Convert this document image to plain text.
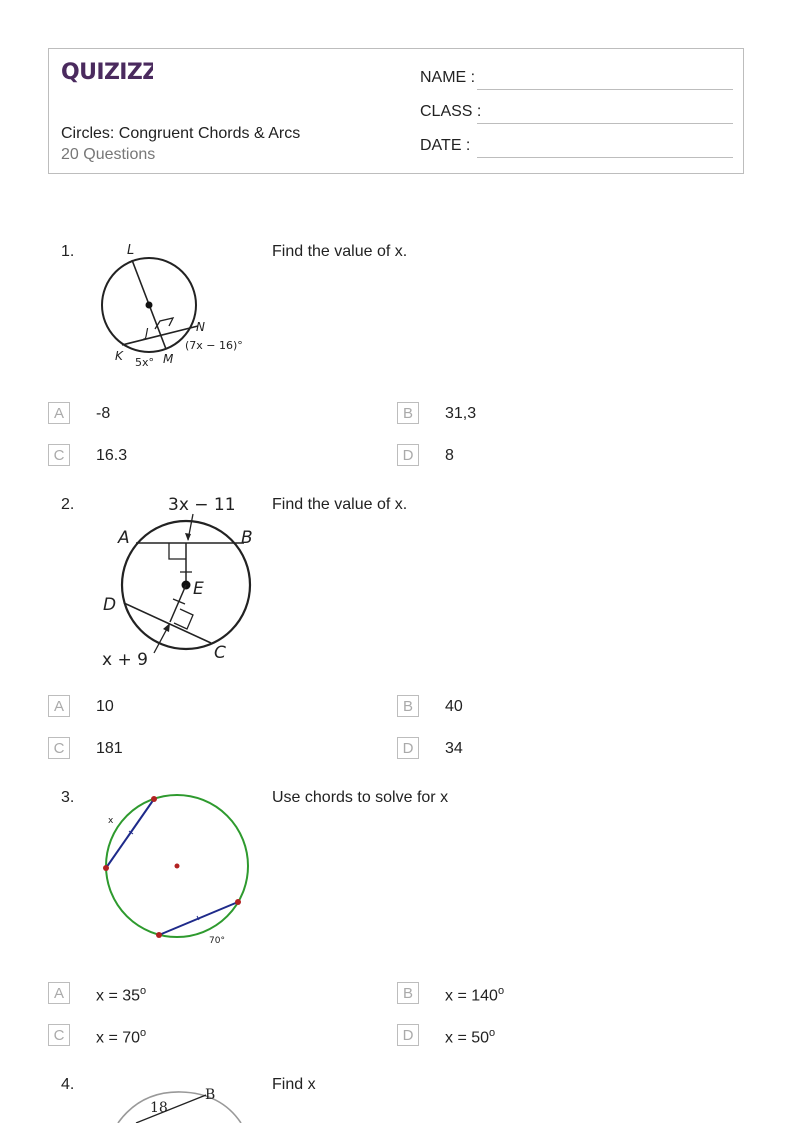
QUIZIZZ
Circles: Congruent Chords & Arcs
20 Questions
NAME :
CLASS :
DATE :
1.	Find the value of x.
L
J	N
K	M
5x°
(7x − 16)°
A	-8	B	31,3
C	16.3	D	8
2.	Find the value of x.
3x − 11
A	B
E
D
C
x + 9
A	10	B	40
C	181	D	34
3.	Use chords to solve for x
x
70°
A	$x = 35^o$	B	$x = 140^o$
C	$x = 70^o$	D	$x = 50^o$
4.	Find x
18
B
